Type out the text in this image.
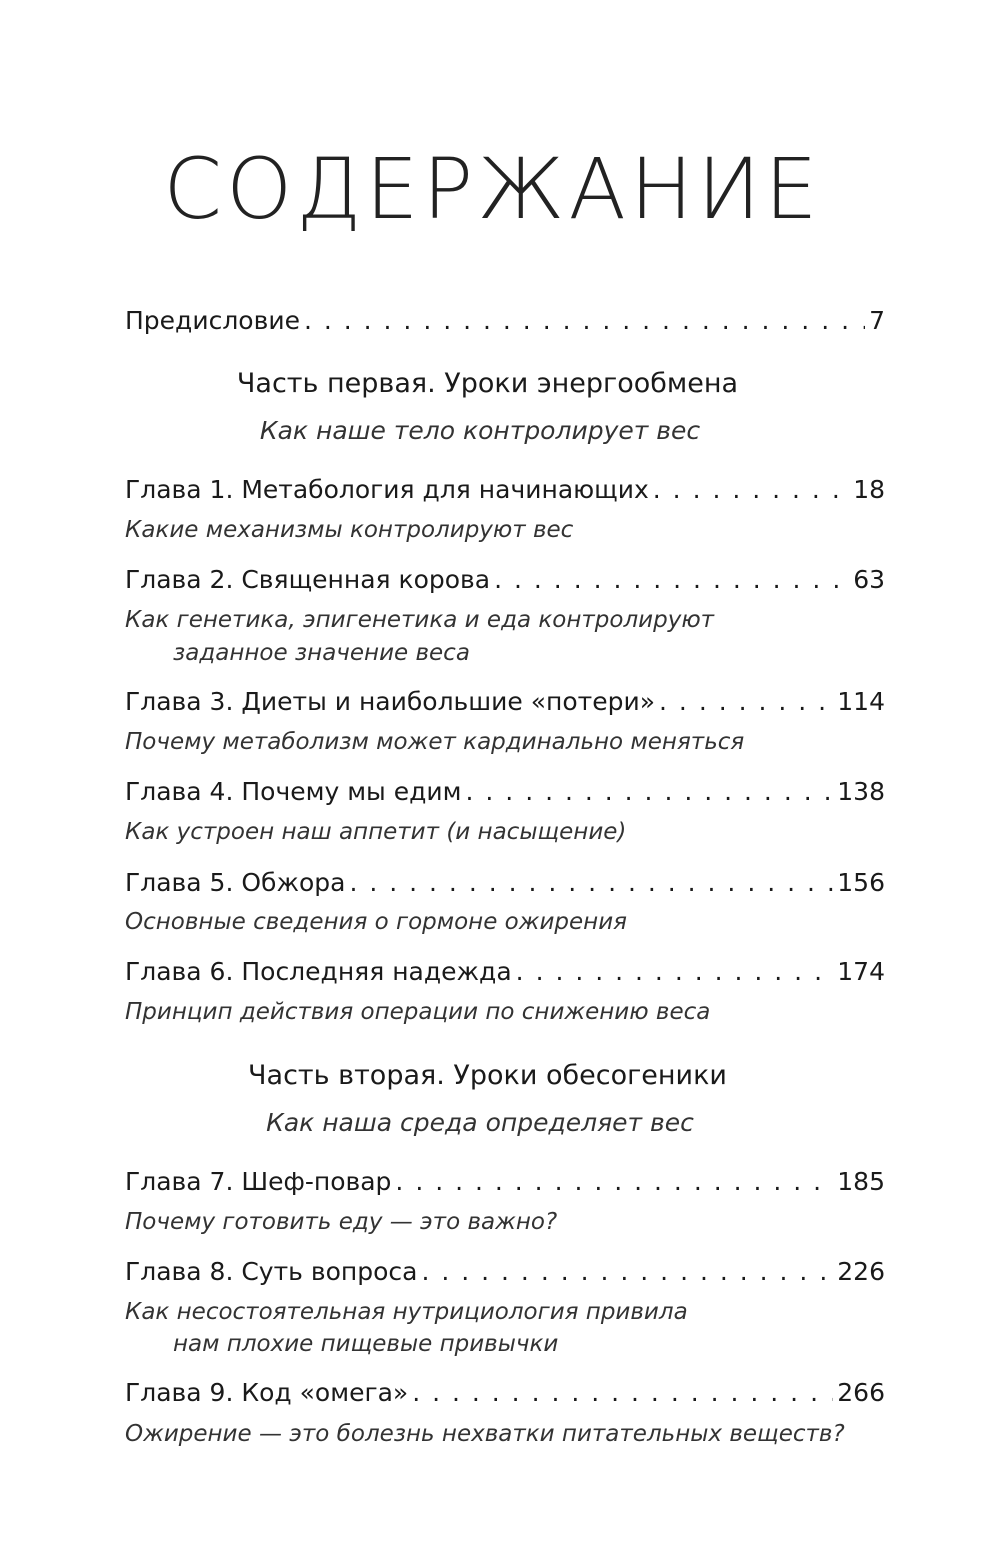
СОДЕРЖАНИЕ
Предисловие . . .	7
Часть первая. Уроки энергообмена
Как наше тело контролирует вес
Глава 1. Метабология для начинающих . . .	18
Какие механизмы контролируют вес
Глава 2. Священная корова . . .	63
Как генетика, эпигенетика и еда контролируют
заданное значение веса
Глава 3. Диеты и наибольшие «потери» . . .	114
Почему метаболизм может кардинально меняться
Глава 4. Почему мы едим . . .	138
Как устроен наш аппетит (и насыщение)
Глава 5. Обжора . . .	156
Основные сведения о гормоне ожирения
Глава 6. Последняя надежда . . .	174
Принцип действия операции по снижению веса
Часть вторая. Уроки обесогеники
Как наша среда определяет вес
Глава 7. Шеф-повар . . .	185
Почему готовить еду — это важно?
Глава 8. Суть вопроса . . .	226
Как несостоятельная нутрициология привила
нам плохие пищевые привычки
Глава 9. Код «омега» . . .	266
Ожирение — это болезнь нехватки питательных веществ?
